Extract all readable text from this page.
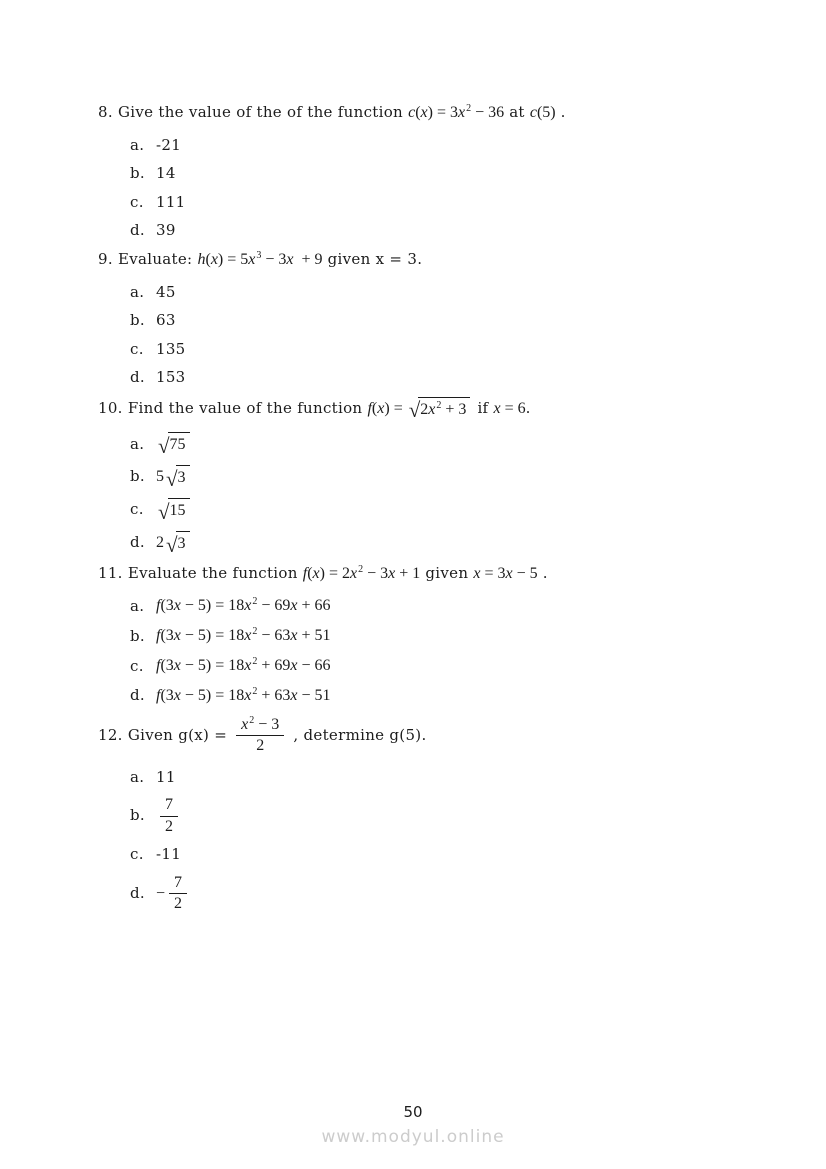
8. Give the value of the of the function $c(x) = 3x^2 - 36$ at c(5) .
a. -21
b. 14
c. 111
d. 39
9. Evaluate: $h(x) = 5x^3 - 3x + 9$ given x = 3.
a. 45
b. 63
c. 135
d. 153
10. Find the value of the function f(x) = √ $2x^2 + 3$ if x = 6.
a. √ 75
b. 5 √ 3
c. √ 15
d. 2 √ 3
11. Evaluate the function $f(x) = 2x^2 - 3x + 1$ given x = 3x − 5 .
a. $f(3x - 5) = 18x^2 - 69x + 66$
b. $f(3x - 5) = 18x^2 - 63x + 51$
c. $f(3x - 5) = 18x^2 + 69x - 66$
d. $f(3x - 5) = 18x^2 + 63x - 51$
12. Given $g(x) = \frac{x^2 - 3}{2}$ , determine g(5).
a. 11
b. $\frac{7}{2}$
c. -11
d. − $\frac{7}{2}$
50
www.modyul.online
